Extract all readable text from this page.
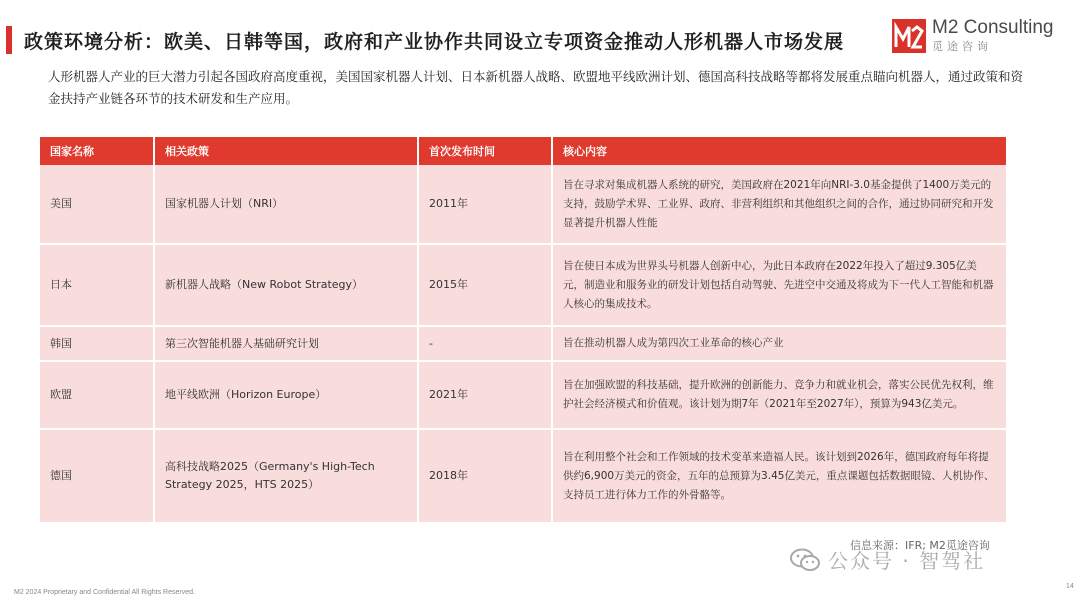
政策环境分析：欧美、日韩等国，政府和产业协作共同设立专项资金推动人形机器人市场发展
M2 Consulting
觅途咨询
人形机器人产业的巨大潜力引起各国政府高度重视，美国国家机器人计划、日本新机器人战略、欧盟地平线欧洲计划、德国高科技战略等都将发展重点瞄向机器人，通过政策和资金扶持产业链各环节的技术研发和生产应用。
国家名称	相关政策	首次发布时间	核心内容
美国	国家机器人计划（NRI）	2011年	旨在寻求对集成机器人系统的研究，美国政府在2021年向NRI-3.0基金提供了1400万美元的支持，鼓励学术界、工业界、政府、非营利组织和其他组织之间的合作，通过协同研究和开发显著提升机器人性能
日本	新机器人战略（New Robot Strategy）	2015年	旨在使日本成为世界头号机器人创新中心，为此日本政府在2022年投入了超过9.305亿美元，制造业和服务业的研发计划包括自动驾驶、先进空中交通及将成为下一代人工智能和机器人核心的集成技术。
韩国	第三次智能机器人基础研究计划	-	旨在推动机器人成为第四次工业革命的核心产业
欧盟	地平线欧洲（Horizon Europe）	2021年	旨在加强欧盟的科技基础，提升欧洲的创新能力、竞争力和就业机会，落实公民优先权利，维护社会经济模式和价值观。该计划为期7年（2021年至2027年），预算为943亿美元。
德国	高科技战略2025（Germany's High-Tech Strategy 2025，HTS 2025）	2018年	旨在利用整个社会和工作领域的技术变革来造福人民。该计划到2026年，德国政府每年将提供约6,900万美元的资金，五年的总预算为3.45亿美元，重点课题包括数据眼镜、人机协作、支持员工进行体力工作的外骨骼等。
信息来源：IFR; M2觅途咨询
公众号 · 智驾社
M2 2024 Proprietary and Confidential All Rights Reserved.
14
